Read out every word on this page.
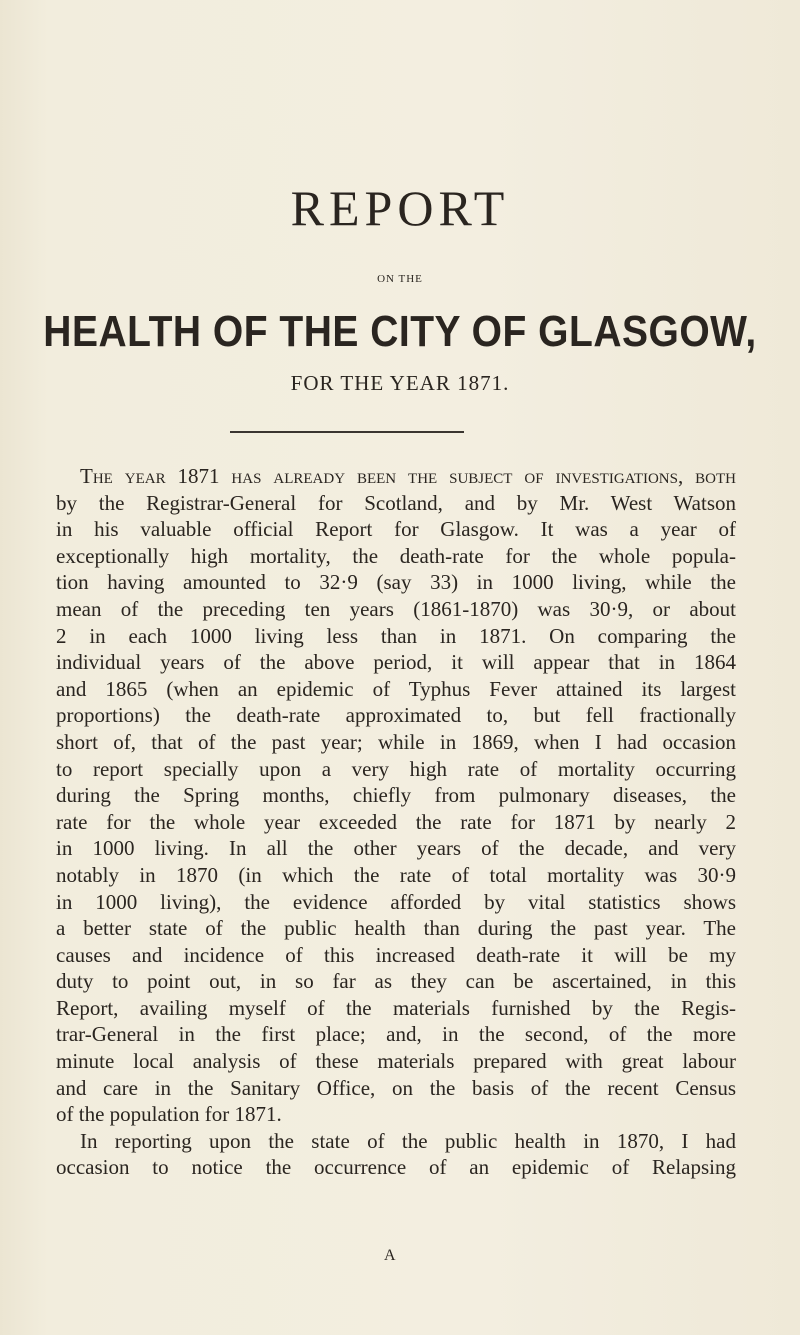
REPORT
ON THE
HEALTH OF THE CITY OF GLASGOW,
FOR THE YEAR 1871.
The year 1871 has already been the subject of investigations, both
by the Registrar-General for Scotland, and by Mr. West Watson
in his valuable official Report for Glasgow. It was a year of
exceptionally high mortality, the death-rate for the whole popula-
tion having amounted to 32·9 (say 33) in 1000 living, while the
mean of the preceding ten years (1861-1870) was 30·9, or about
2 in each 1000 living less than in 1871. On comparing the
individual years of the above period, it will appear that in 1864
and 1865 (when an epidemic of Typhus Fever attained its largest
proportions) the death-rate approximated to, but fell fractionally
short of, that of the past year; while in 1869, when I had occasion
to report specially upon a very high rate of mortality occurring
during the Spring months, chiefly from pulmonary diseases, the
rate for the whole year exceeded the rate for 1871 by nearly 2
in 1000 living. In all the other years of the decade, and very
notably in 1870 (in which the rate of total mortality was 30·9
in 1000 living), the evidence afforded by vital statistics shows
a better state of the public health than during the past year. The
causes and incidence of this increased death-rate it will be my
duty to point out, in so far as they can be ascertained, in this
Report, availing myself of the materials furnished by the Regis-
trar-General in the first place; and, in the second, of the more
minute local analysis of these materials prepared with great labour
and care in the Sanitary Office, on the basis of the recent Census
of the population for 1871.
In reporting upon the state of the public health in 1870, I had
occasion to notice the occurrence of an epidemic of Relapsing
A
